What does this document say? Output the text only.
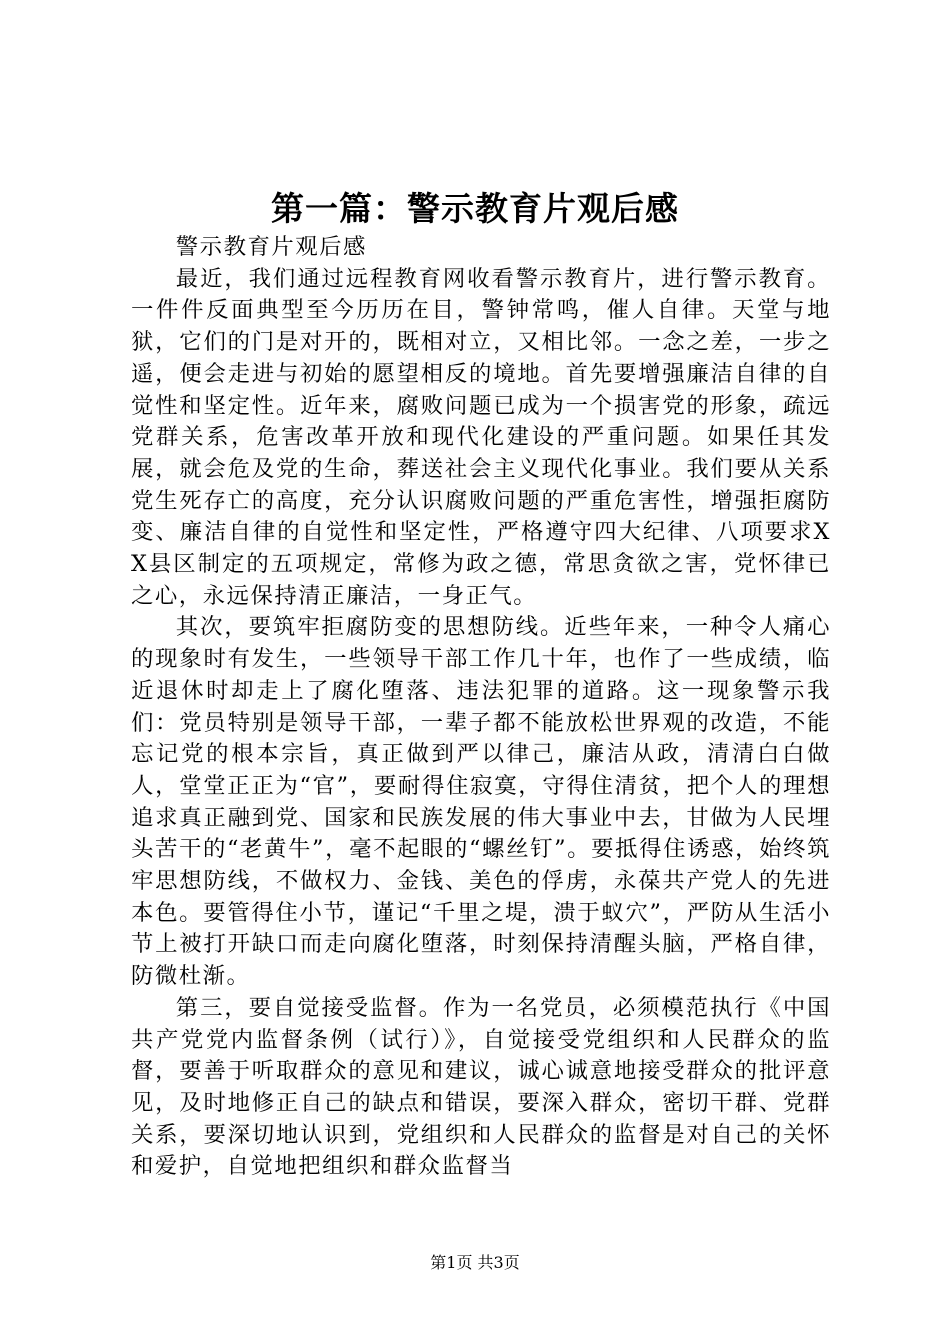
第一篇：警示教育片观后感

警示教育片观后感

最近，我们通过远程教育网收看警示教育片，进行警示教育。一件件反面典型至今历历在目，警钟常鸣，催人自律。天堂与地狱，它们的门是对开的，既相对立，又相比邻。一念之差，一步之遥，便会走进与初始的愿望相反的境地。首先要增强廉洁自律的自觉性和坚定性。近年来，腐败问题已成为一个损害党的形象，疏远党群关系，危害改革开放和现代化建设的严重问题。如果任其发展，就会危及党的生命，葬送社会主义现代化事业。我们要从关系党生死存亡的高度，充分认识腐败问题的严重危害性，增强拒腐防变、廉洁自律的自觉性和坚定性，严格遵守四大纪律、八项要求XX县区制定的五项规定，常修为政之德，常思贪欲之害，党怀律已之心，永远保持清正廉洁，一身正气。

其次，要筑牢拒腐防变的思想防线。近些年来，一种令人痛心的现象时有发生，一些领导干部工作几十年，也作了一些成绩，临近退休时却走上了腐化堕落、违法犯罪的道路。这一现象警示我们：党员特别是领导干部，一辈子都不能放松世界观的改造，不能忘记党的根本宗旨，真正做到严以律己，廉洁从政，清清白白做人，堂堂正正为“官”，要耐得住寂寞，守得住清贫，把个人的理想追求真正融到党、国家和民族发展的伟大事业中去，甘做为人民埋头苦干的“老黄牛”，毫不起眼的“螺丝钉”。要抵得住诱惑，始终筑牢思想防线，不做权力、金钱、美色的俘虏，永葆共产党人的先进本色。要管得住小节，谨记“千里之堤，溃于蚁穴”，严防从生活小节上被打开缺口而走向腐化堕落，时刻保持清醒头脑，严格自律，防微杜渐。

第三，要自觉接受监督。作为一名党员，必须模范执行《中国共产党党内监督条例（试行）》，自觉接受党组织和人民群众的监督，要善于听取群众的意见和建议，诚心诚意地接受群众的批评意见，及时地修正自己的缺点和错误，要深入群众，密切干群、党群关系，要深切地认识到，党组织和人民群众的监督是对自己的关怀和爱护，自觉地把组织和群众监督当

第1页 共3页
